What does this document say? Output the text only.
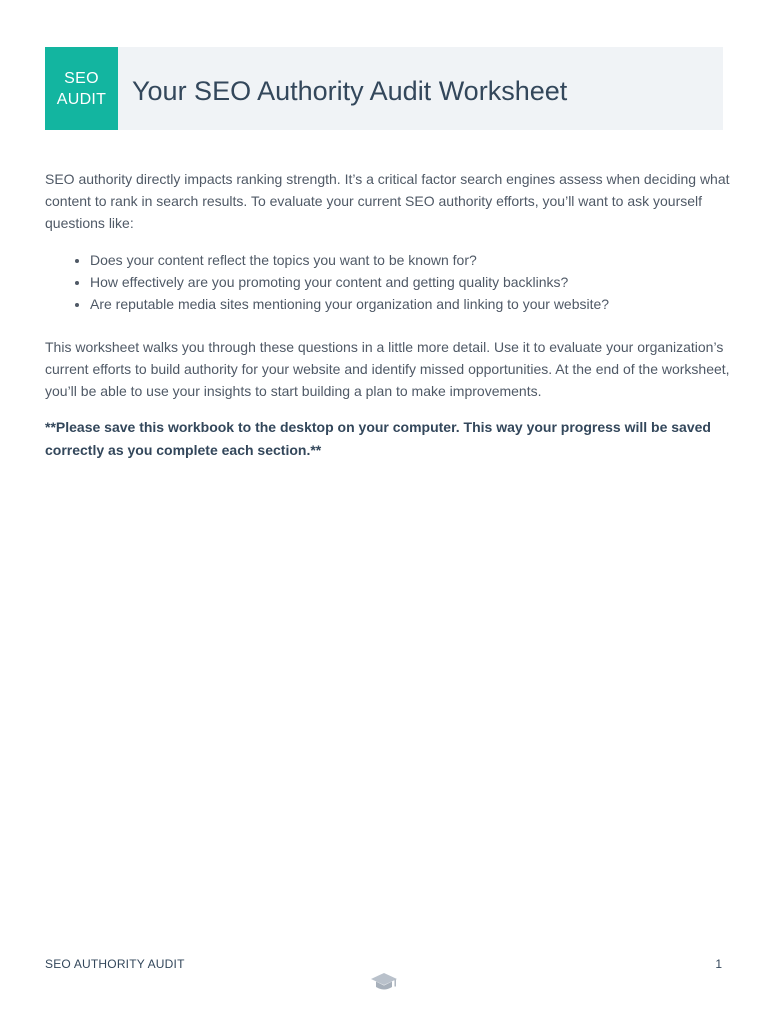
SEO
AUDIT Your SEO Authority Audit Worksheet

SEO authority directly impacts ranking strength. It’s a critical factor search engines assess when deciding what content to rank in search results. To evaluate your current SEO authority efforts, you’ll want to ask yourself questions like:

• Does your content reflect the topics you want to be known for?
• How effectively are you promoting your content and getting quality backlinks?
• Are reputable media sites mentioning your organization and linking to your website?

This worksheet walks you through these questions in a little more detail. Use it to evaluate your organization’s current efforts to build authority for your website and identify missed opportunities. At the end of the worksheet, you’ll be able to use your insights to start building a plan to make improvements.

**Please save this workbook to the desktop on your computer. This way your progress will be saved correctly as you complete each section.**

SEO AUTHORITY AUDIT	1
